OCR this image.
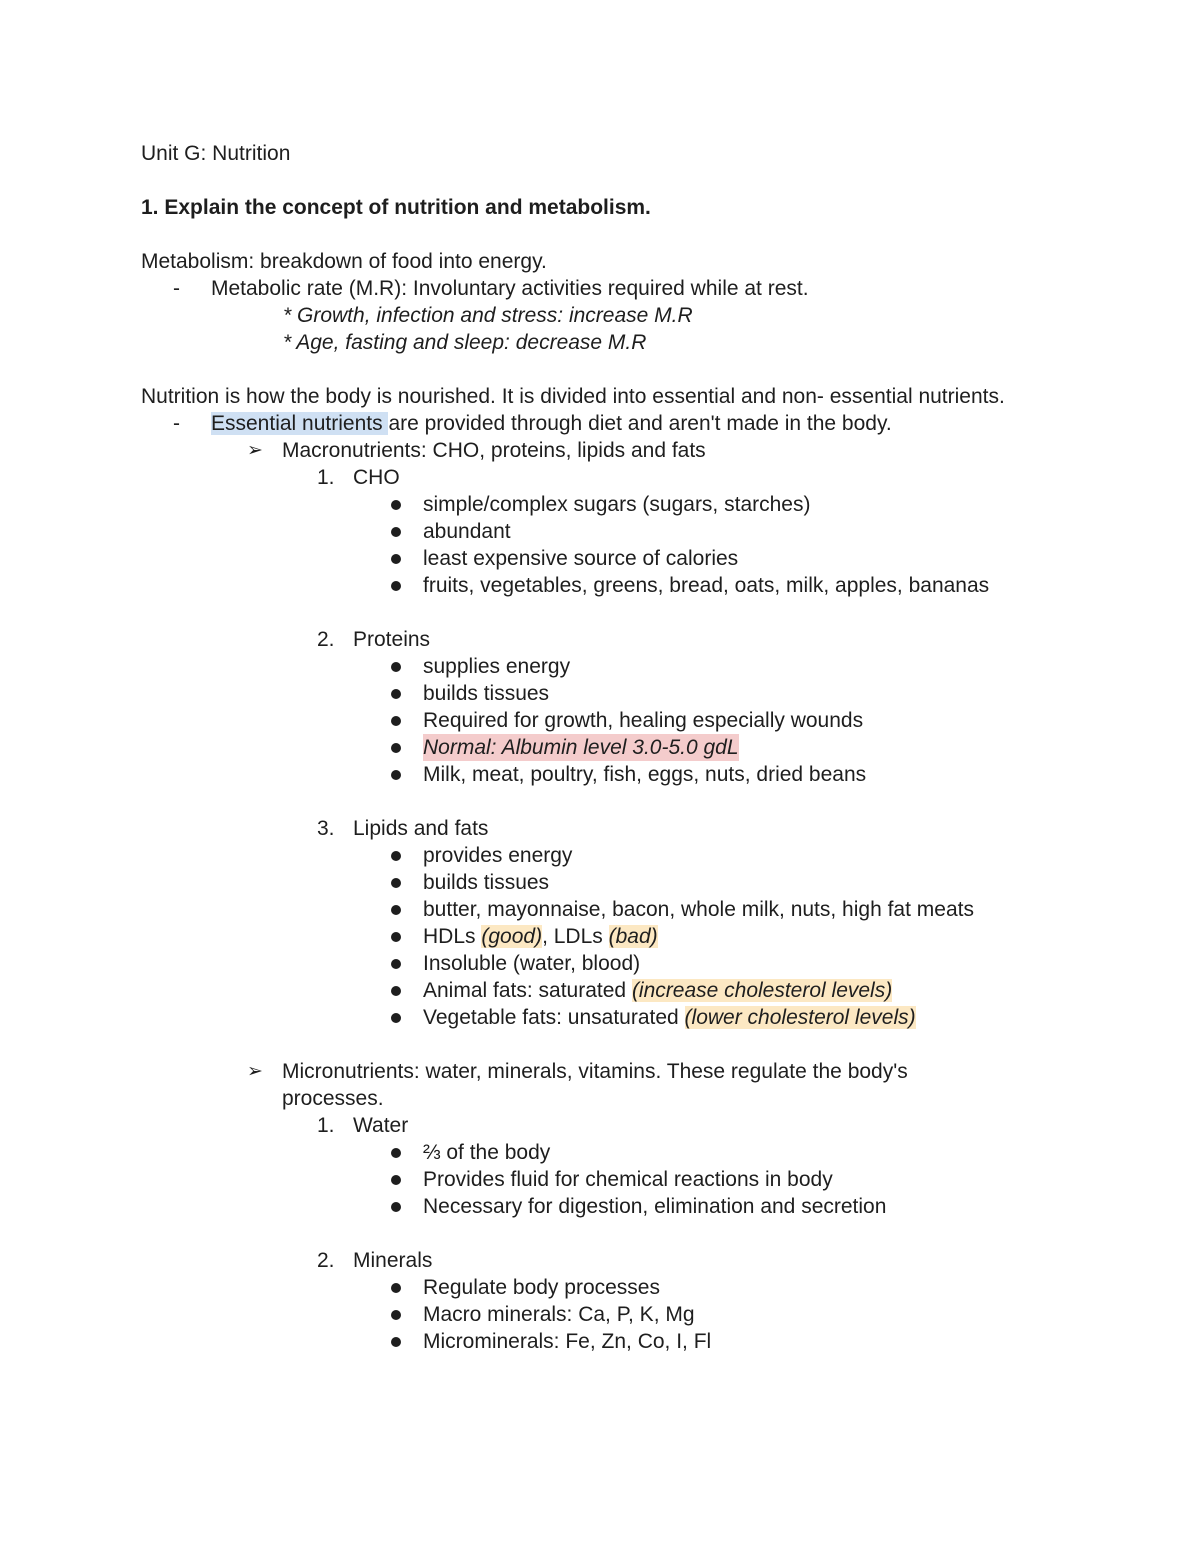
Unit G: Nutrition
1. Explain the concept of nutrition and metabolism.
Metabolism: breakdown of food into energy.
- Metabolic rate (M.R): Involuntary activities required while at rest.
* Growth, infection and stress: increase M.R
* Age, fasting and sleep: decrease M.R
Nutrition is how the body is nourished. It is divided into essential and non- essential nutrients.
- Essential nutrients are provided through diet and aren't made in the body.
➢ Macronutrients: CHO, proteins, lipids and fats
1. CHO
simple/complex sugars (sugars, starches)
abundant
least expensive source of calories
fruits, vegetables, greens, bread, oats, milk, apples, bananas
2. Proteins
supplies energy
builds tissues
Required for growth, healing especially wounds
Normal: Albumin level 3.0-5.0 gdL
Milk, meat, poultry, fish, eggs, nuts, dried beans
3. Lipids and fats
provides energy
builds tissues
butter, mayonnaise, bacon, whole milk, nuts, high fat meats
HDLs (good), LDLs (bad)
Insoluble (water, blood)
Animal fats: saturated (increase cholesterol levels)
Vegetable fats: unsaturated (lower cholesterol levels)
➢ Micronutrients: water, minerals, vitamins. These regulate the body's processes.
1. Water
⅔ of the body
Provides fluid for chemical reactions in body
Necessary for digestion, elimination and secretion
2. Minerals
Regulate body processes
Macro minerals: Ca, P, K, Mg
Microminerals: Fe, Zn, Co, I, Fl
